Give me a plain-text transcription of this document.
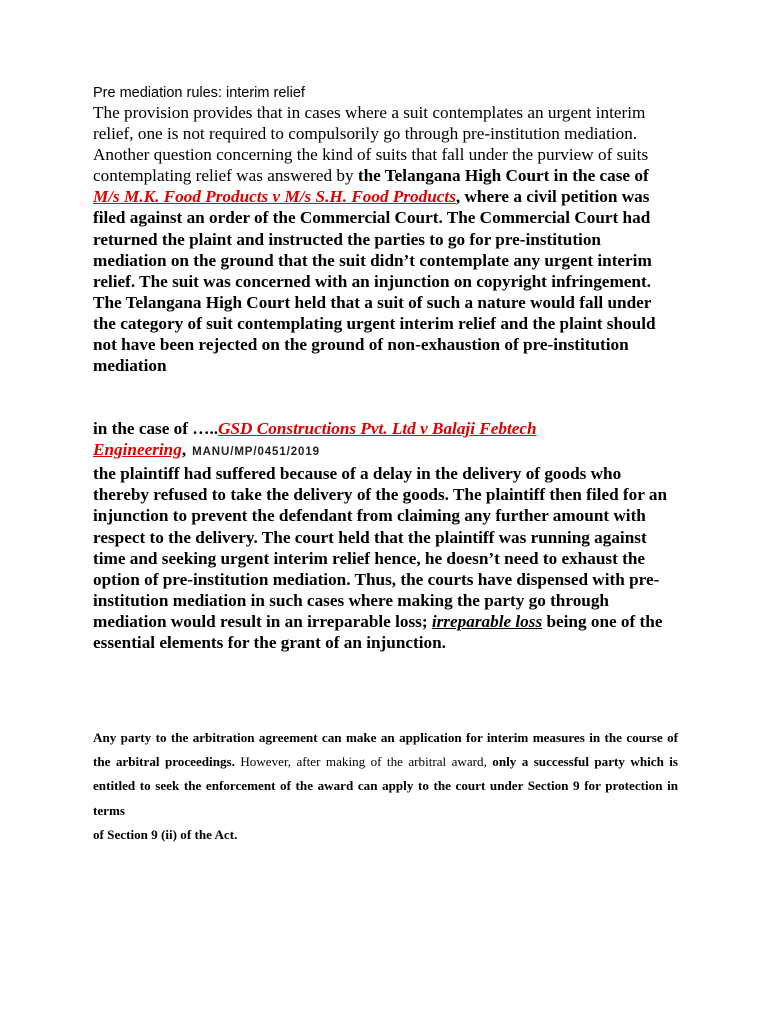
Pre mediation rules: interim relief

The provision provides that in cases where a suit contemplates an urgent interim relief, one is not required to compulsorily go through pre-institution mediation. Another question concerning the kind of suits that fall under the purview of suits contemplating relief was answered by the Telangana High Court in the case of M/s M.K. Food Products v M/s S.H. Food Products, where a civil petition was filed against an order of the Commercial Court. The Commercial Court had returned the plaint and instructed the parties to go for pre-institution mediation on the ground that the suit didn’t contemplate any urgent interim relief. The suit was concerned with an injunction on copyright infringement. The Telangana High Court held that a suit of such a nature would fall under the category of suit contemplating urgent interim relief and the plaint should not have been rejected on the ground of non-exhaustion of pre-institution mediation

in the case of …..GSD Constructions Pvt. Ltd v Balaji Febtech Engineering, MANU/MP/0451/2019

the plaintiff had suffered because of a delay in the delivery of goods who thereby refused to take the delivery of the goods. The plaintiff then filed for an injunction to prevent the defendant from claiming any further amount with respect to the delivery. The court held that the plaintiff was running against time and seeking urgent interim relief hence, he doesn’t need to exhaust the option of pre-institution mediation. Thus, the courts have dispensed with pre-institution mediation in such cases where making the party go through mediation would result in an irreparable loss; irreparable loss being one of the essential elements for the grant of an injunction.

Any party to the arbitration agreement can make an application for interim measures in the course of the arbitral proceedings. However, after making of the arbitral award, only a successful party which is entitled to seek the enforcement of the award can apply to the court under Section 9 for protection in terms
of Section 9 (ii) of the Act.
